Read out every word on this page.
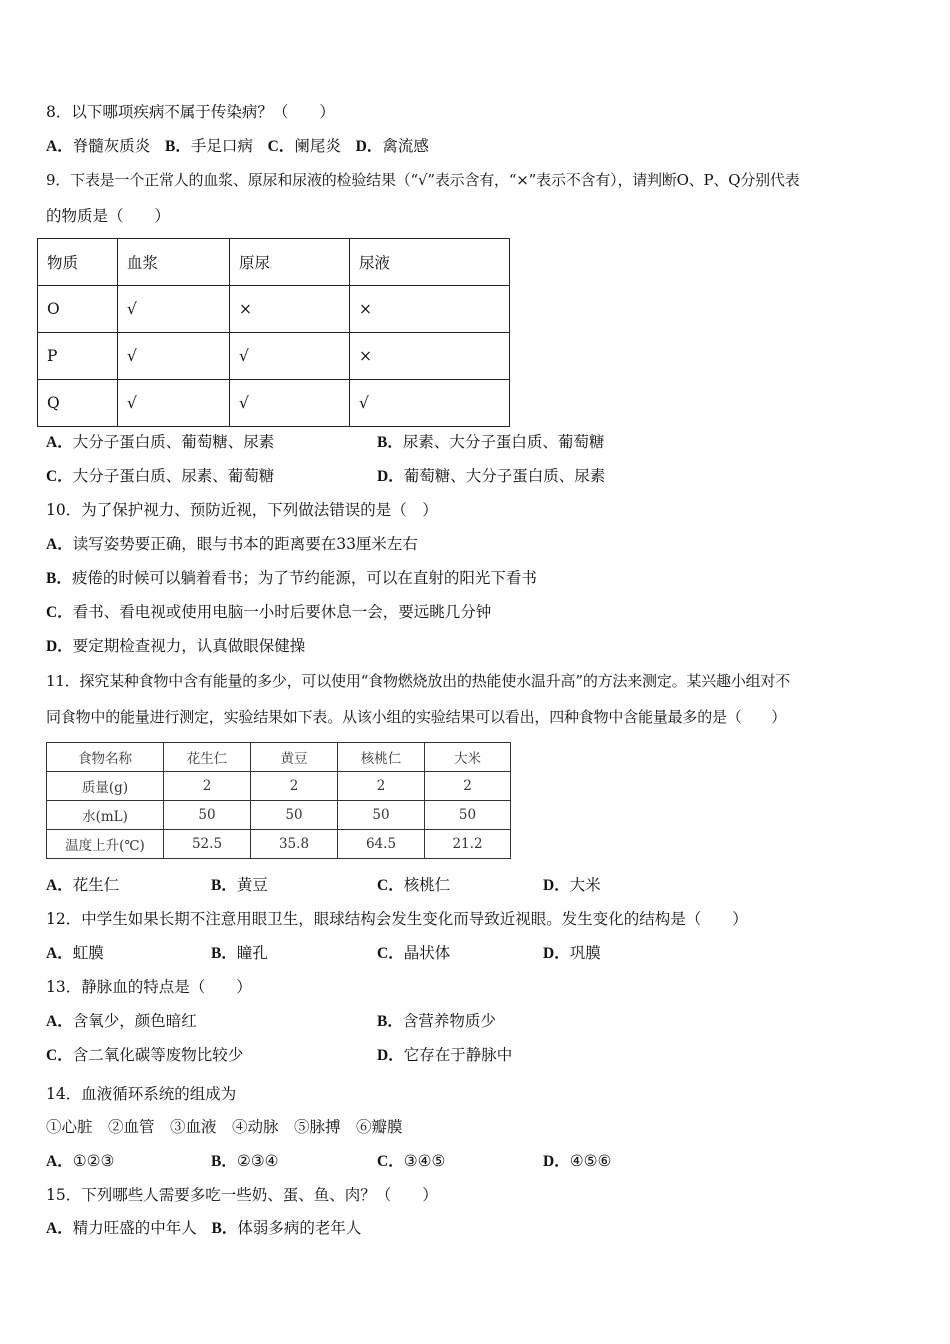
8．以下哪项疾病不属于传染病？（　　）
A．脊髓灰质炎 B．手足口病 C．阑尾炎 D．禽流感
9．下表是一个正常人的血浆、原尿和尿液的检验结果（“√”表示含有，“×”表示不含有），请判断O、P、Q分别代表
的物质是（　　）
物质	血浆	原尿	尿液
O	√	×	×
P	√	√	×
Q	√	√	√
A．大分子蛋白质、葡萄糖、尿素	B．尿素、大分子蛋白质、葡萄糖
C．大分子蛋白质、尿素、葡萄糖	D．葡萄糖、大分子蛋白质、尿素
10．为了保护视力、预防近视，下列做法错误的是（　）
A．读写姿势要正确，眼与书本的距离要在33厘米左右
B．疲倦的时候可以躺着看书；为了节约能源，可以在直射的阳光下看书
C．看书、看电视或使用电脑一小时后要休息一会，要远眺几分钟
D．要定期检查视力，认真做眼保健操
11．探究某种食物中含有能量的多少，可以使用“食物燃烧放出的热能使水温升高”的方法来测定。某兴趣小组对不
同食物中的能量进行测定，实验结果如下表。从该小组的实验结果可以看出，四种食物中含能量最多的是（　　）
食物名称	花生仁	黄豆	核桃仁	大米
质量(g)	2	2	2	2
水(mL)	50	50	50	50
温度上升(℃)	52.5	35.8	64.5	21.2
A．花生仁	B．黄豆	C．核桃仁	D．大米
12．中学生如果长期不注意用眼卫生，眼球结构会发生变化而导致近视眼。发生变化的结构是（　　）
A．虹膜	B．瞳孔	C．晶状体	D．巩膜
13．静脉血的特点是（　　）
A．含氧少，颜色暗红	B．含营养物质少
C．含二氧化碳等废物比较少	D．它存在于静脉中
14．血液循环系统的组成为
①心脏　②血管　③血液　④动脉　⑤脉搏　⑥瓣膜
A．①②③	B．②③④	C．③④⑤	D．④⑤⑥
15．下列哪些人需要多吃一些奶、蛋、鱼、肉？（　　）
A．精力旺盛的中年人 B．体弱多病的老年人
